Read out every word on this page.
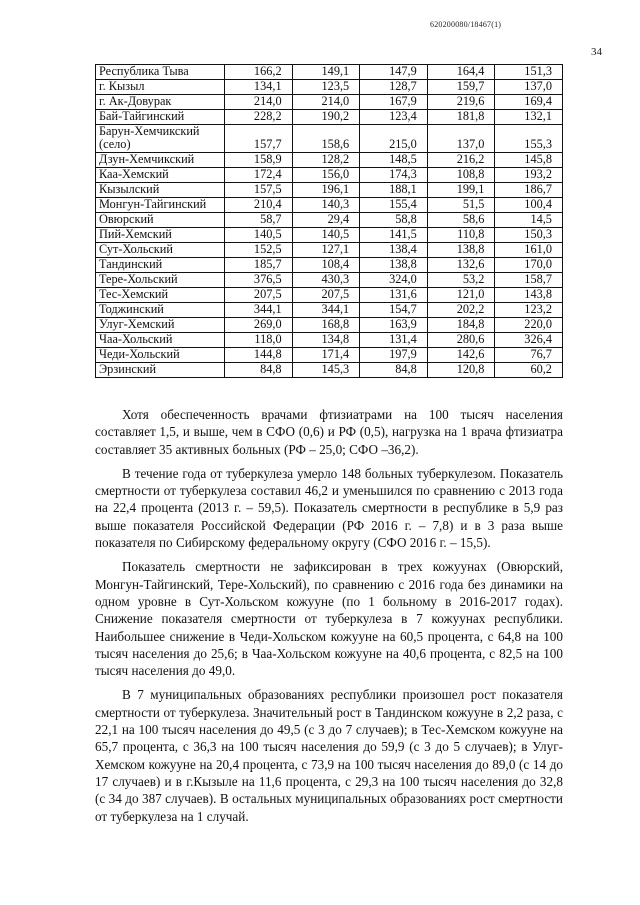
620200080/18467(1)
34
Республика Тыва	166,2	149,1	147,9	164,4	151,3
г. Кызыл	134,1	123,5	128,7	159,7	137,0
г. Ак-Довурак	214,0	214,0	167,9	219,6	169,4
Бай-Тайгинский	228,2	190,2	123,4	181,8	132,1
Барун-Хемчикский (село)	157,7	158,6	215,0	137,0	155,3
Дзун-Хемчикский	158,9	128,2	148,5	216,2	145,8
Каа-Хемский	172,4	156,0	174,3	108,8	193,2
Кызылский	157,5	196,1	188,1	199,1	186,7
Монгун-Тайгинский	210,4	140,3	155,4	51,5	100,4
Овюрский	58,7	29,4	58,8	58,6	14,5
Пий-Хемский	140,5	140,5	141,5	110,8	150,3
Сут-Хольский	152,5	127,1	138,4	138,8	161,0
Тандинский	185,7	108,4	138,8	132,6	170,0
Тере-Хольский	376,5	430,3	324,0	53,2	158,7
Тес-Хемский	207,5	207,5	131,6	121,0	143,8
Тоджинский	344,1	344,1	154,7	202,2	123,2
Улуг-Хемский	269,0	168,8	163,9	184,8	220,0
Чаа-Хольский	118,0	134,8	131,4	280,6	326,4
Чеди-Хольский	144,8	171,4	197,9	142,6	76,7
Эрзинский	84,8	145,3	84,8	120,8	60,2

Хотя обеспеченность врачами фтизиатрами на 100 тысяч населения составляет 1,5, и выше, чем в СФО (0,6) и РФ (0,5), нагрузка на 1 врача фтизиатра составляет 35 активных больных (РФ – 25,0; СФО –36,2).

В течение года от туберкулеза умерло 148 больных туберкулезом. Показатель смертности от туберкулеза составил 46,2 и уменьшился по сравнению с 2013 года на 22,4 процента (2013 г. – 59,5). Показатель смертности в республике в 5,9 раз выше показателя Российской Федерации (РФ 2016 г. – 7,8) и в 3 раза выше показателя по Сибирскому федеральному округу (СФО 2016 г. – 15,5).

Показатель смертности не зафиксирован в трех кожуунах (Овюрский, Монгун-Тайгинский, Тере-Хольский), по сравнению с 2016 года без динамики на одном уровне в Сут-Хольском кожууне (по 1 больному в 2016-2017 годах). Снижение показателя смертности от туберкулеза в 7 кожуунах республики. Наибольшее снижение в Чеди-Хольском кожууне на 60,5 процента, с 64,8 на 100 тысяч населения до 25,6; в Чаа-Хольском кожууне на 40,6 процента, с 82,5 на 100 тысяч населения до 49,0.

В 7 муниципальных образованиях республики произошел рост показателя смертности от туберкулеза. Значительный рост в Тандинском кожууне в 2,2 раза, с 22,1 на 100 тысяч населения до 49,5 (с 3 до 7 случаев); в Тес-Хемском кожууне на 65,7 процента, с 36,3 на 100 тысяч населения до 59,9 (с 3 до 5 случаев); в Улуг-Хемском кожууне на 20,4 процента, с 73,9 на 100 тысяч населения до 89,0 (с 14 до 17 случаев) и в г.Кызыле на 11,6 процента, с 29,3 на 100 тысяч населения до 32,8 (с 34 до 387 случаев). В остальных муниципальных образованиях рост смертности от туберкулеза на 1 случай.
